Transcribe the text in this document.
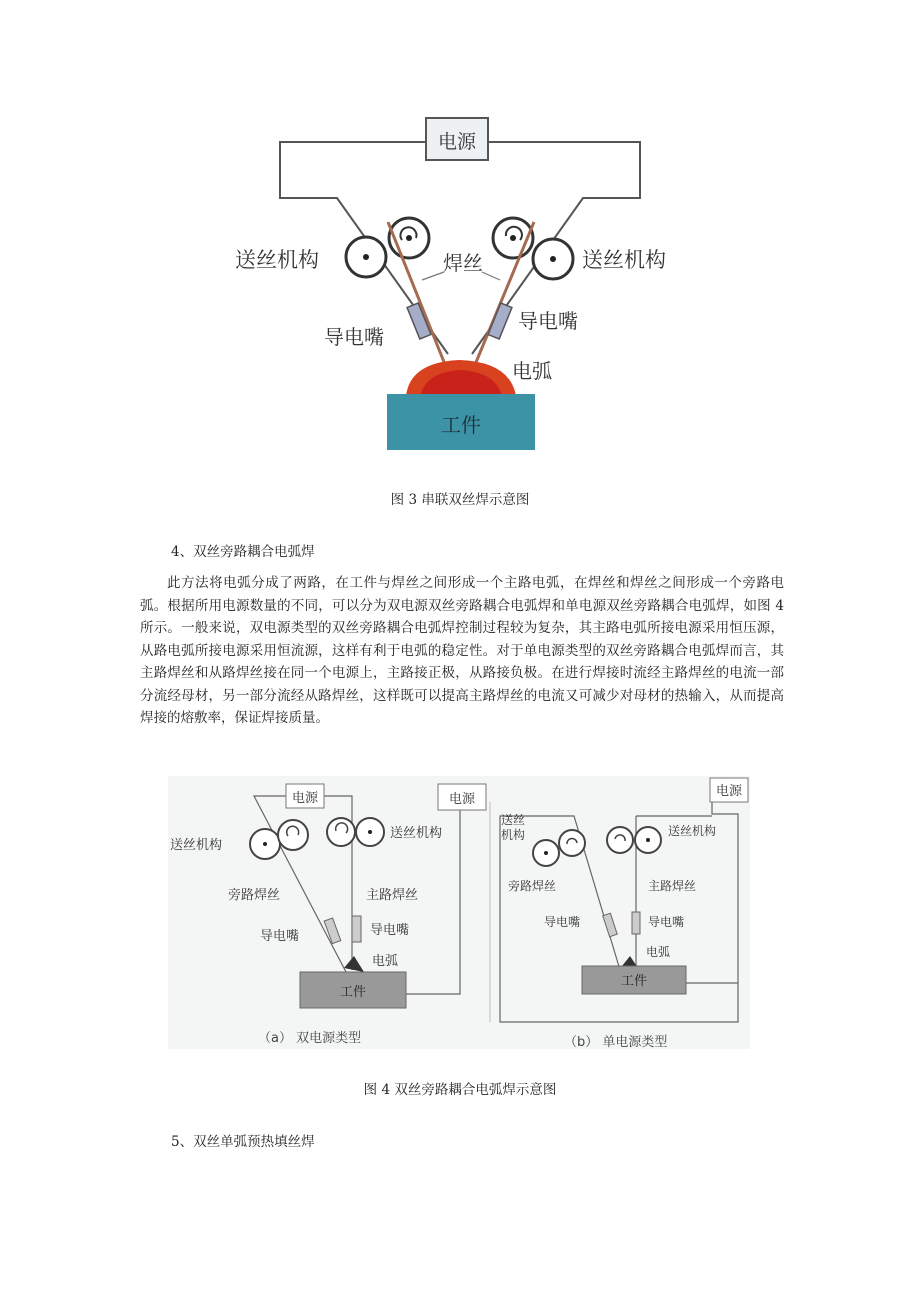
电源
工件
送丝机构	送丝机构
焊丝
导电嘴
导电嘴
电弧
图 3 串联双丝焊示意图
4、双丝旁路耦合电弧焊

此方法将电弧分成了两路，在工件与焊丝之间形成一个主路电弧，在焊丝和焊丝之间形成一个旁路电弧。根据所用电源数量的不同，可以分为双电源双丝旁路耦合电弧焊和单电源双丝旁路耦合电弧焊，如图 4 所示。一般来说，双电源类型的双丝旁路耦合电弧焊控制过程较为复杂，其主路电弧所接电源采用恒压源，从路电弧所接电源采用恒流源，这样有利于电弧的稳定性。对于单电源类型的双丝旁路耦合电弧焊而言，其主路焊丝和从路焊丝接在同一个电源上，主路接正极，从路接负极。在进行焊接时流经主路焊丝的电流一部分流经母材，另一部分流经从路焊丝，这样既可以提高主路焊丝的电流又可减少对母材的热输入，从而提高焊接的熔敷率，保证焊接质量。

电源	电源
工件
送丝机构
送丝机构
旁路焊丝	主路焊丝
导电嘴	导电嘴
电弧
（a） 双电源类型
电源
工件
送丝机构	送丝机构
旁路焊丝	主路焊丝
导电嘴	导电嘴
电弧
（b） 单电源类型
图 4 双丝旁路耦合电弧焊示意图
5、双丝单弧预热填丝焊
